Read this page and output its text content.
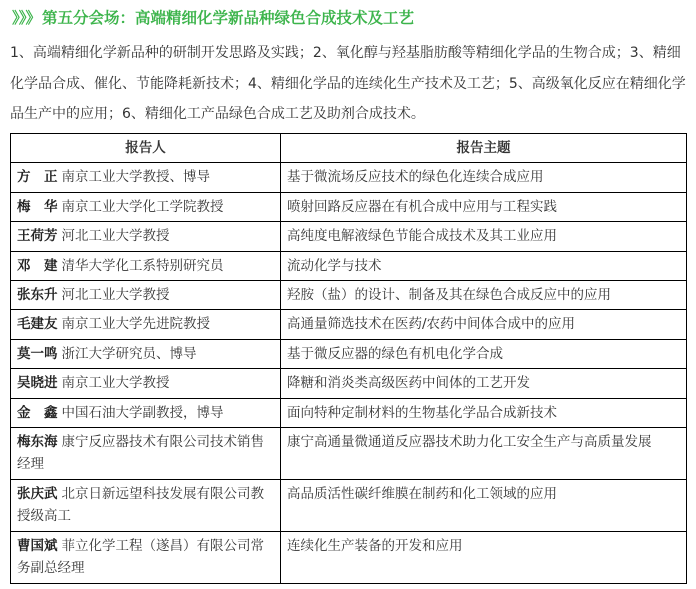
》》》 第五分会场：高端精细化学新品种绿色合成技术及工艺
1、高端精细化学新品种的研制开发思路及实践；2、氧化醇与羟基脂肪酸等精细化学品的生物合成；3、精细化学品合成、催化、节能降耗新技术；4、精细化学品的连续化生产技术及工艺；5、高级氧化反应在精细化学品生产中的应用；6、精细化工产品绿色合成工艺及助剂合成技术。
报告人	报告主题
方　正 南京工业大学教授、博导	基于微流场反应技术的绿色化连续合成应用
梅　华 南京工业大学化工学院教授	喷射回路反应器在有机合成中应用与工程实践
王荷芳 河北工业大学教授	高纯度电解液绿色节能合成技术及其工业应用
邓　建 清华大学化工系特别研究员	流动化学与技术
张东升 河北工业大学教授	羟胺（盐）的设计、制备及其在绿色合成反应中的应用
毛建友 南京工业大学先进院教授	高通量筛选技术在医药/农药中间体合成中的应用
莫一鸣 浙江大学研究员、博导	基于微反应器的绿色有机电化学合成
吴晓进 南京工业大学教授	降糖和消炎类高级医药中间体的工艺开发
金　鑫 中国石油大学副教授，博导	面向特种定制材料的生物基化学品合成新技术
梅东海 康宁反应器技术有限公司技术销售经理	康宁高通量微通道反应器技术助力化工安全生产与高质量发展
张庆武 北京日新远望科技发展有限公司教授级高工	高品质活性碳纤维膜在制药和化工领域的应用
曹国斌 菲立化学工程（遂昌）有限公司常务副总经理	连续化生产装备的开发和应用
